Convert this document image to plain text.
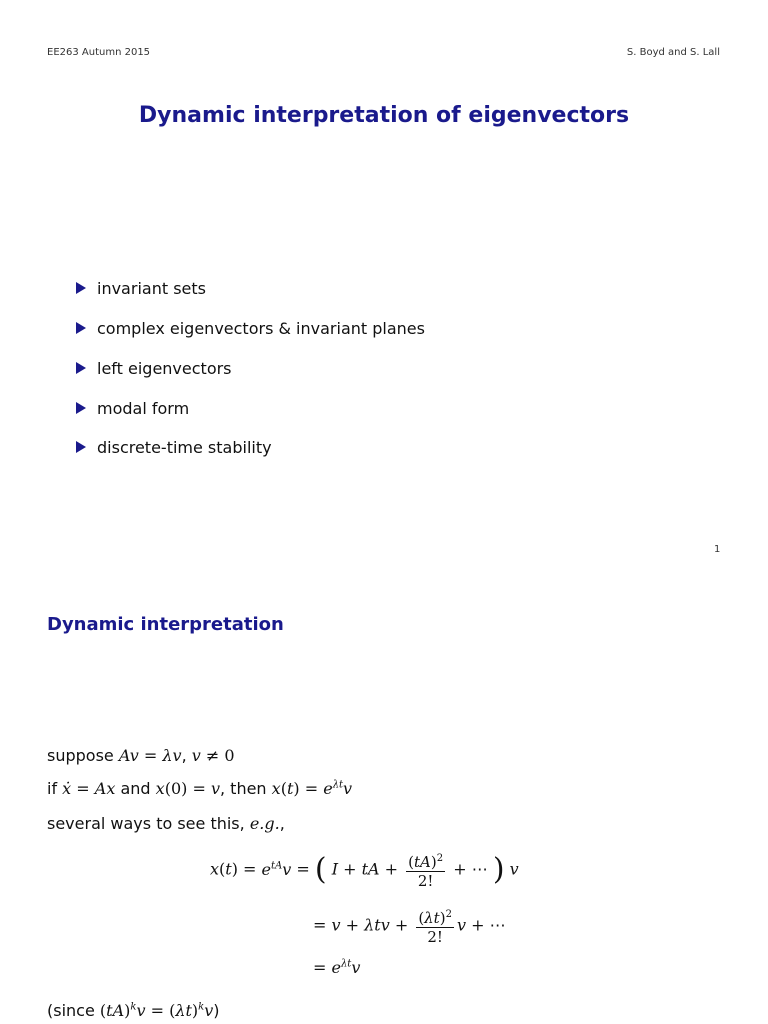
EE263 Autumn 2015	S. Boyd and S. Lall
Dynamic interpretation of eigenvectors
invariant sets
complex eigenvectors & invariant planes
left eigenvectors
modal form
discrete-time stability
1
Dynamic interpretation
suppose Av = λv, v ≠ 0
if ẋ = Ax and x(0) = v, then $x(t) = e^{\lambda t}v$
several ways to see this, e.g.,
$x(t) = e^{tA}v$ = ( I + tA + $\frac{(tA)^2}{2!}$ + ⋯ ) v
= $v + \lambda tv + \frac{(\lambda t)^2}{2!}$ v + ⋯
= $e^{\lambda t}v$
(since $(tA)^kv = (\lambda t)^kv$)
